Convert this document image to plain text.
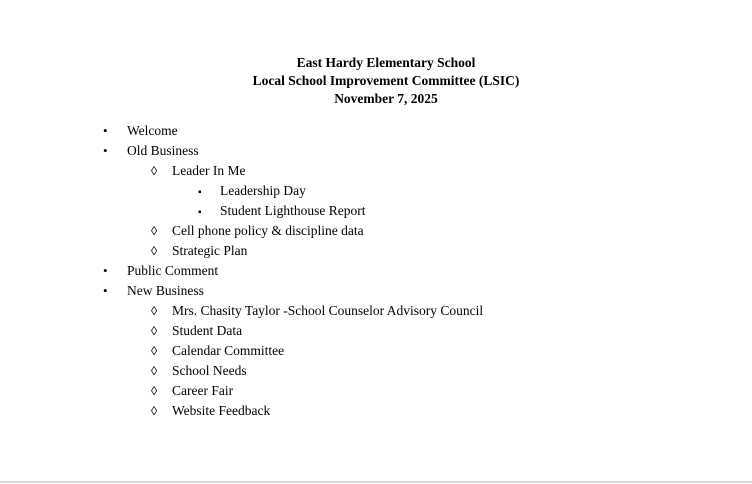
East Hardy Elementary School
Local School Improvement Committee (LSIC)
November 7, 2025
•	Welcome
•	Old Business
◊	Leader In Me
▪	Leadership Day
▪	Student Lighthouse Report
◊	Cell phone policy & discipline data
◊	Strategic Plan
•	Public Comment
•	New Business
◊	Mrs. Chasity Taylor -School Counselor Advisory Council
◊	Student Data
◊	Calendar Committee
◊	School Needs
◊	Career Fair
◊	Website Feedback
